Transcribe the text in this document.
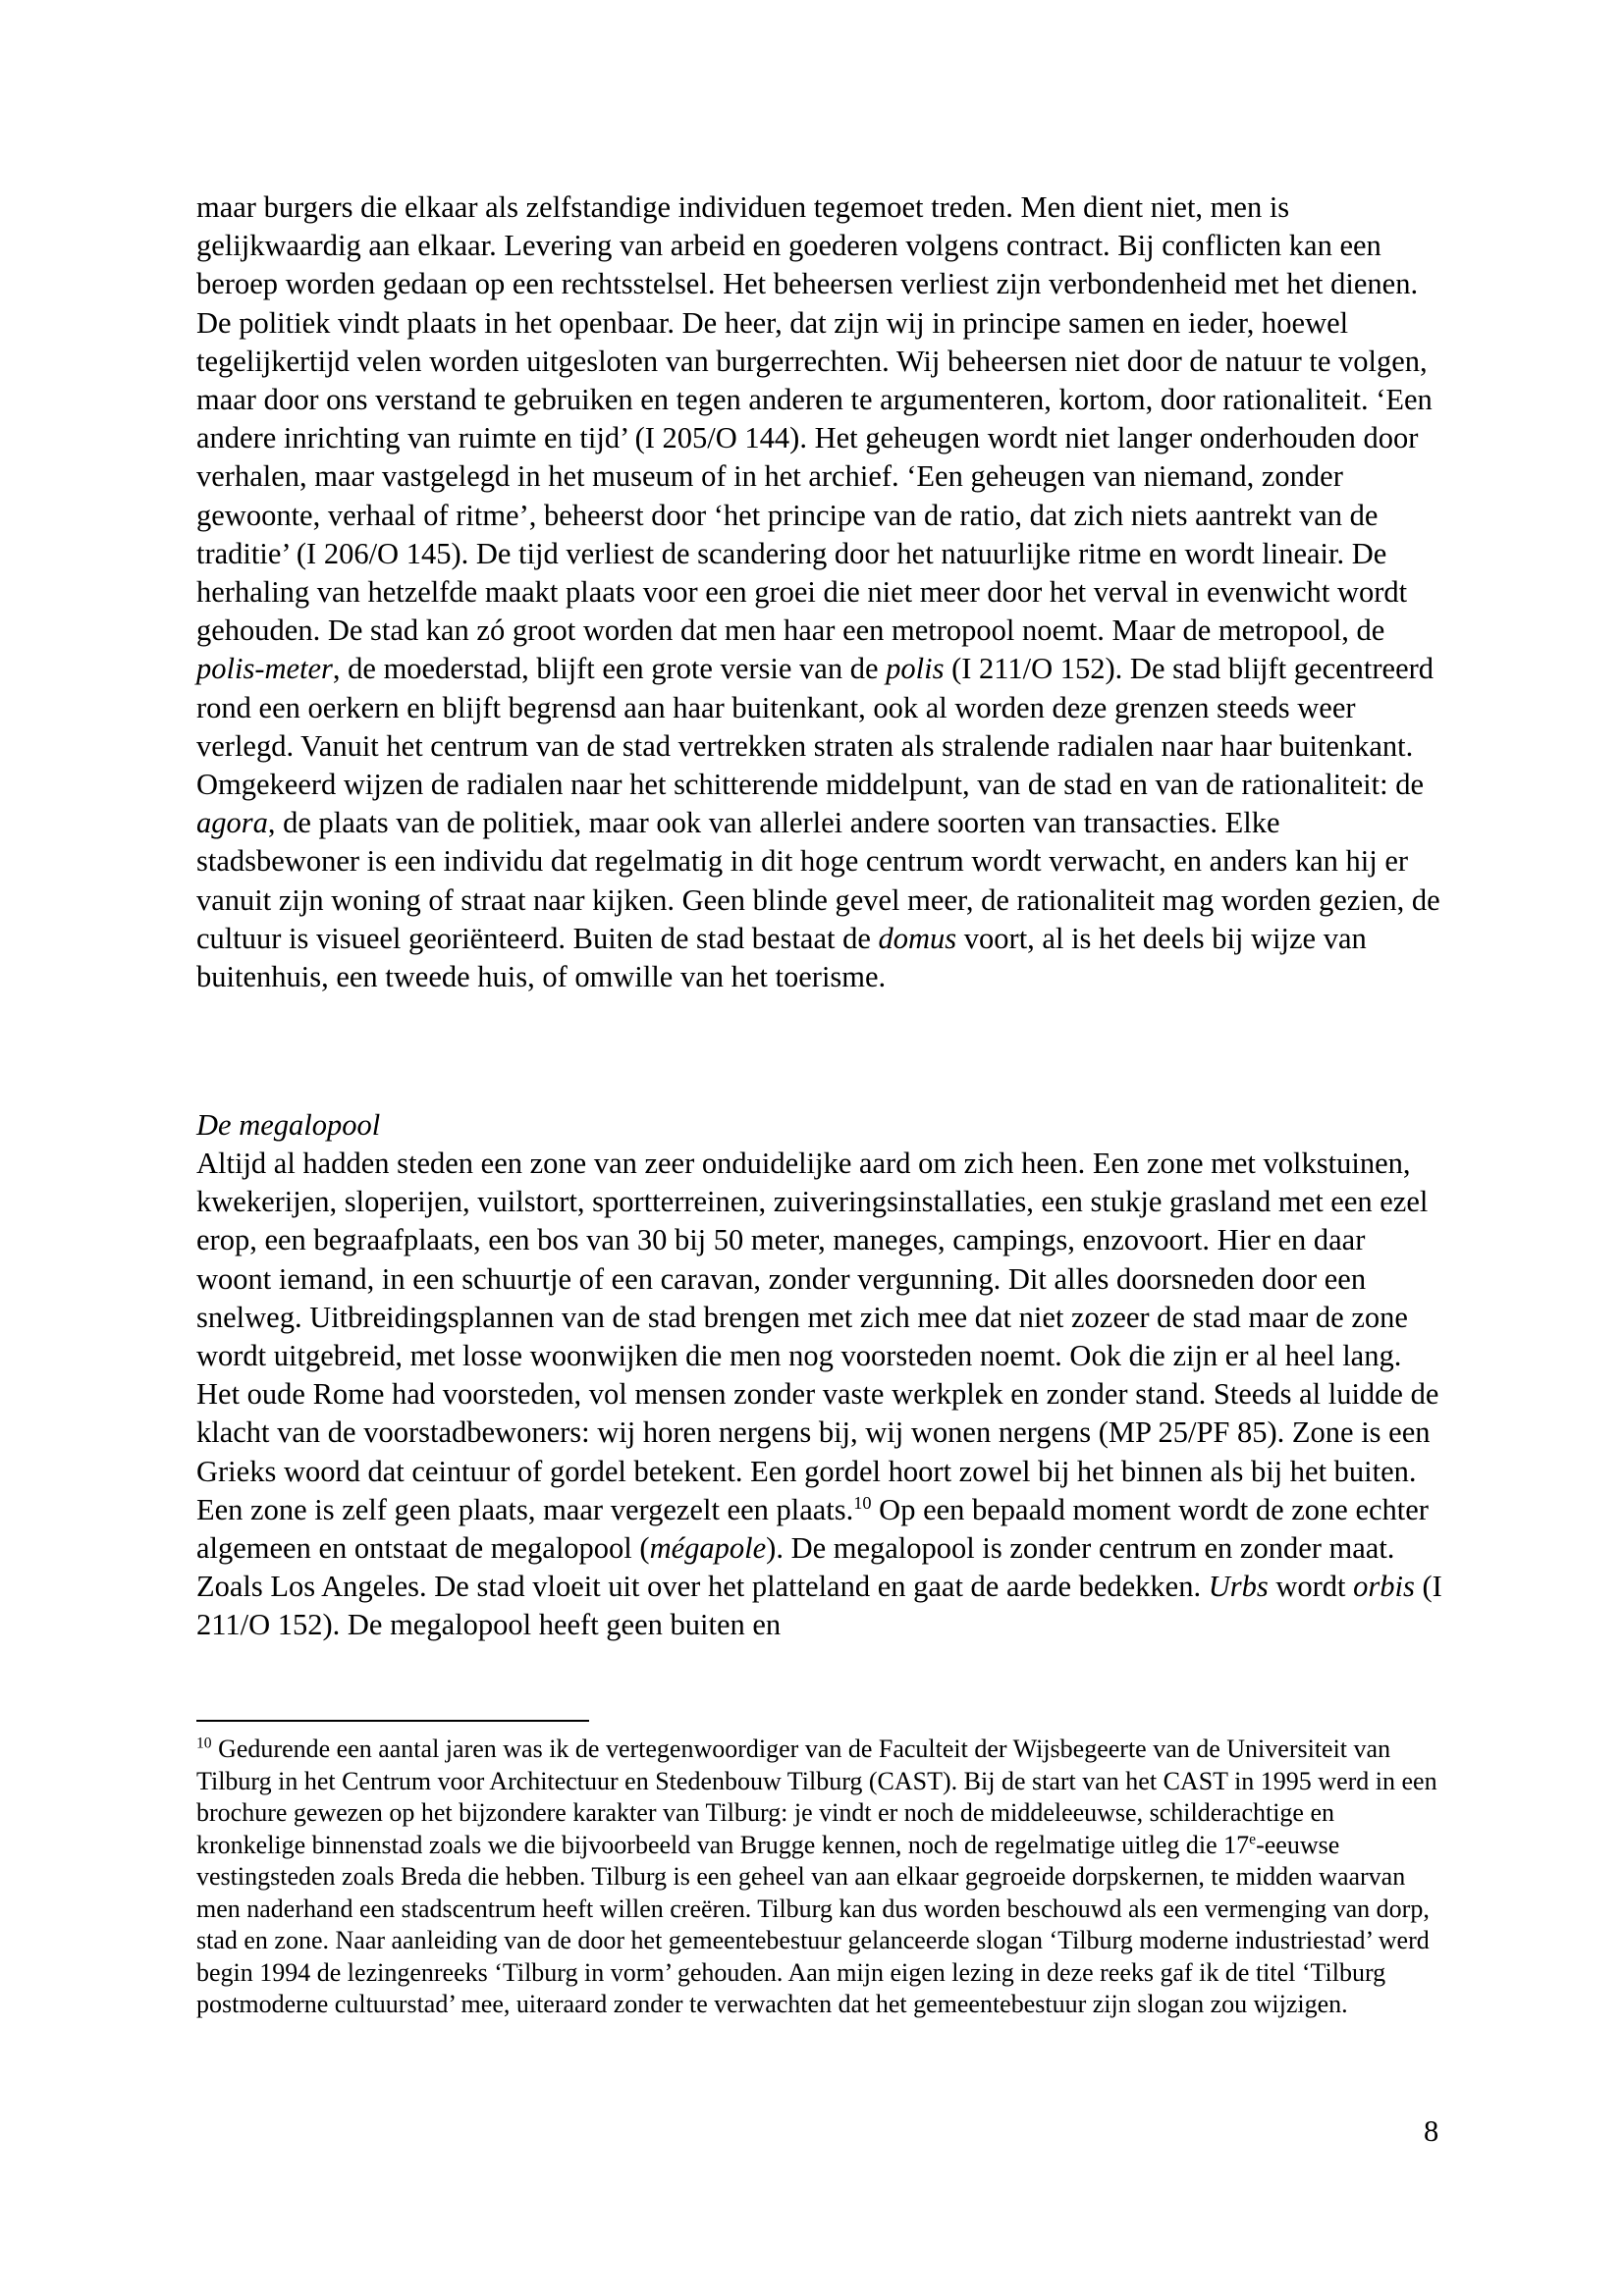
maar burgers die elkaar als zelfstandige individuen tegemoet treden. Men dient niet, men is gelijkwaardig aan elkaar. Levering van arbeid en goederen volgens contract. Bij conflicten kan een beroep worden gedaan op een rechtsstelsel. Het beheersen verliest zijn verbondenheid met het dienen. De politiek vindt plaats in het openbaar. De heer, dat zijn wij in principe samen en ieder, hoewel tegelijkertijd velen worden uitgesloten van burgerrechten. Wij beheersen niet door de natuur te volgen, maar door ons verstand te gebruiken en tegen anderen te argumenteren, kortom, door rationaliteit. ‘Een andere inrichting van ruimte en tijd’ (I 205/O 144). Het geheugen wordt niet langer onderhouden door verhalen, maar vastgelegd in het museum of in het archief. ‘Een geheugen van niemand, zonder gewoonte, verhaal of ritme’, beheerst door ‘het principe van de ratio, dat zich niets aantrekt van de traditie’ (I 206/O 145). De tijd verliest de scandering door het natuurlijke ritme en wordt lineair. De herhaling van hetzelfde maakt plaats voor een groei die niet meer door het verval in evenwicht wordt gehouden. De stad kan zó groot worden dat men haar een metropool noemt. Maar de metropool, de polis-meter, de moederstad, blijft een grote versie van de polis (I 211/O 152). De stad blijft gecentreerd rond een oerkern en blijft begrensd aan haar buitenkant, ook al worden deze grenzen steeds weer verlegd. Vanuit het centrum van de stad vertrekken straten als stralende radialen naar haar buitenkant. Omgekeerd wijzen de radialen naar het schitterende middelpunt, van de stad en van de rationaliteit: de agora, de plaats van de politiek, maar ook van allerlei andere soorten van transacties. Elke stadsbewoner is een individu dat regelmatig in dit hoge centrum wordt verwacht, en anders kan hij er vanuit zijn woning of straat naar kijken. Geen blinde gevel meer, de rationaliteit mag worden gezien, de cultuur is visueel georiënteerd. Buiten de stad bestaat de domus voort, al is het deels bij wijze van buitenhuis, een tweede huis, of omwille van het toerisme.

De megalopool

Altijd al hadden steden een zone van zeer onduidelijke aard om zich heen. Een zone met volkstuinen, kwekerijen, sloperijen, vuilstort, sportterreinen, zuiveringsinstallaties, een stukje grasland met een ezel erop, een begraafplaats, een bos van 30 bij 50 meter, maneges, campings, enzovoort. Hier en daar woont iemand, in een schuurtje of een caravan, zonder vergunning. Dit alles doorsneden door een snelweg. Uitbreidingsplannen van de stad brengen met zich mee dat niet zozeer de stad maar de zone wordt uitgebreid, met losse woonwijken die men nog voorsteden noemt. Ook die zijn er al heel lang. Het oude Rome had voorsteden, vol mensen zonder vaste werkplek en zonder stand. Steeds al luidde de klacht van de voorstadbewoners: wij horen nergens bij, wij wonen nergens (MP 25/PF 85). Zone is een Grieks woord dat ceintuur of gordel betekent. Een gordel hoort zowel bij het binnen als bij het buiten. Een zone is zelf geen plaats, maar vergezelt een plaats.$^{10}$ Op een bepaald moment wordt de zone echter algemeen en ontstaat de megalopool (mégapole). De megalopool is zonder centrum en zonder maat. Zoals Los Angeles. De stad vloeit uit over het platteland en gaat de aarde bedekken. Urbs wordt orbis (I 211/O 152). De megalopool heeft geen buiten en

$^{10}$ Gedurende een aantal jaren was ik de vertegenwoordiger van de Faculteit der Wijsbegeerte van de Universiteit van Tilburg in het Centrum voor Architectuur en Stedenbouw Tilburg (CAST). Bij de start van het CAST in 1995 werd in een brochure gewezen op het bijzondere karakter van Tilburg: je vindt er noch de middeleeuwse, schilderachtige en kronkelige binnenstad zoals we die bijvoorbeeld van Brugge kennen, noch de regelmatige uitleg die 17e-eeuwse vestingsteden zoals Breda die hebben. Tilburg is een geheel van aan elkaar gegroeide dorpskernen, te midden waarvan men naderhand een stadscentrum heeft willen creëren. Tilburg kan dus worden beschouwd als een vermenging van dorp, stad en zone. Naar aanleiding van de door het gemeentebestuur gelanceerde slogan ‘Tilburg moderne industriestad’ werd begin 1994 de lezingenreeks ‘Tilburg in vorm’ gehouden. Aan mijn eigen lezing in deze reeks gaf ik de titel ‘Tilburg postmoderne cultuurstad’ mee, uiteraard zonder te verwachten dat het gemeentebestuur zijn slogan zou wijzigen.

8
